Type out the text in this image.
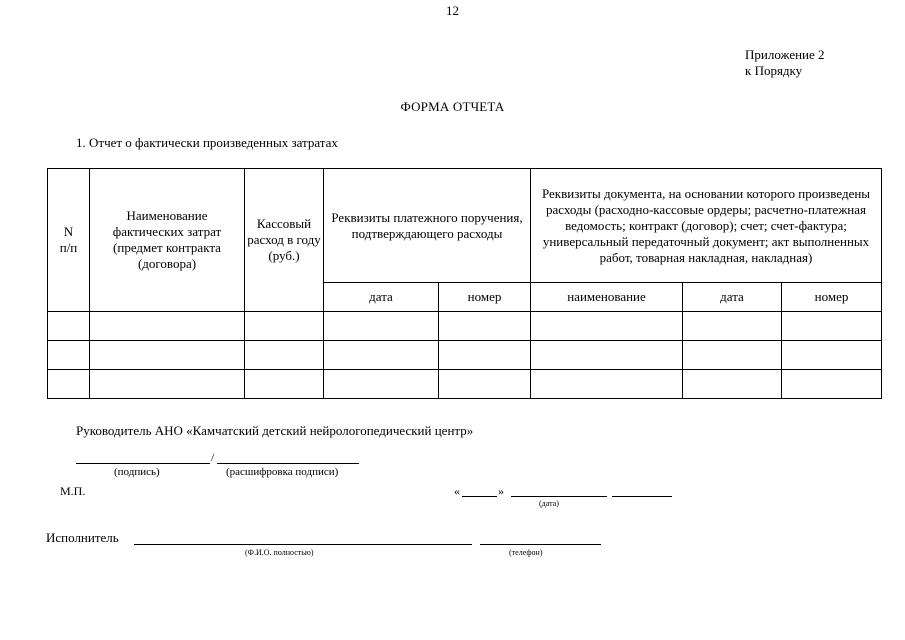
12
Приложение 2
к Порядку
ФОРМА ОТЧЕТА
1. Отчет о фактически произведенных затратах
N
п/п	Наименование фактических затрат (предмет контракта (договора)	Кассовый расход в году (руб.)	Реквизиты платежного поручения, подтверждающего расходы		Реквизиты документа, на основании которого произведены расходы (расходно-кассовые ордеры; расчетно-платежная ведомость; контракт (договор); счет; счет-фактура; универсальный передаточный документ; акт выполненных работ, товарная накладная, накладная)		
			дата	номер	наименование	дата	номер

Руководитель АНО «Камчатский детский нейрологопедический центр»
/
(подпись)	(расшифровка подписи)
М.П.	«	»
(дата)
Исполнитель
(Ф.И.О. полностью)	(телефон)
